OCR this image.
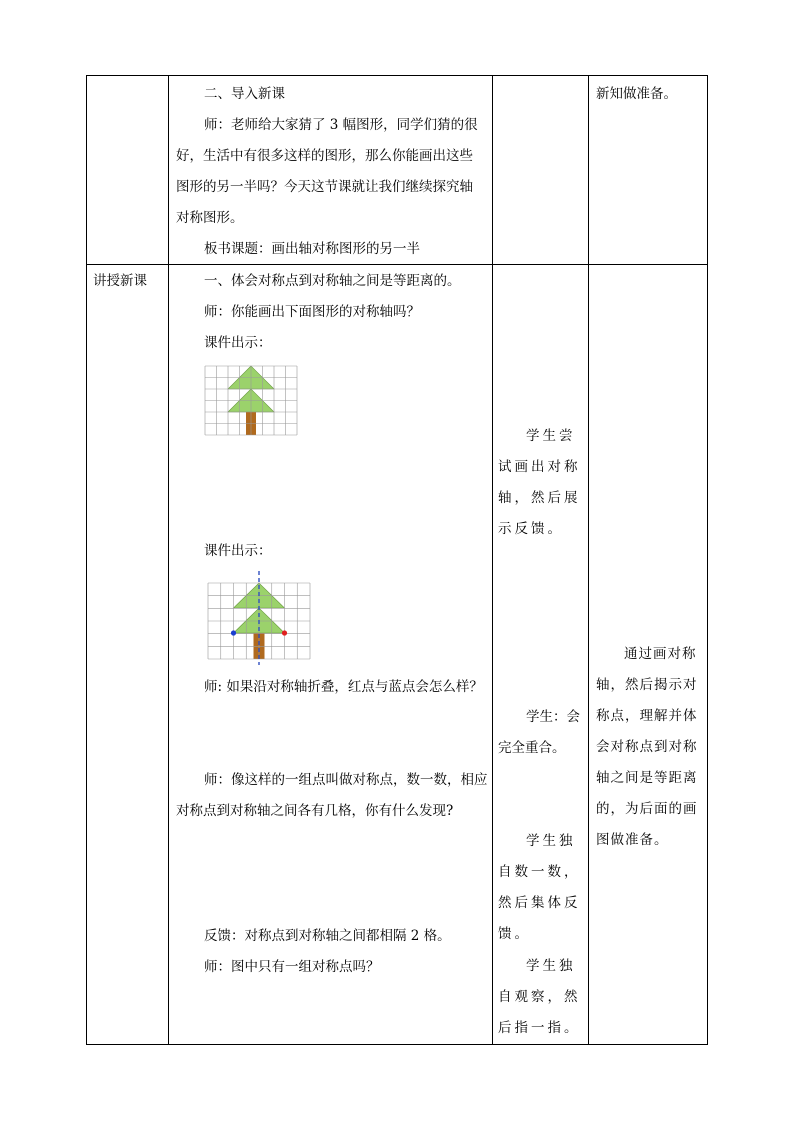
二、导入新课
师：老师给大家猜了 3 幅图形，同学们猜的很好，生活中有很多这样的图形，那么你能画出这些图形的另一半吗？今天这节课就让我们继续探究轴对称图形。
板书课题：画出轴对称图形的另一半
新知做准备。
讲授新课	一、体会对称点到对称轴之间是等距离的。
师：你能画出下面图形的对称轴吗？
课件出示：
课件出示：
师: 如果沿对称轴折叠，红点与蓝点会怎么样？
师：像这样的一组点叫做对称点，数一数，相应对称点到对称轴之间各有几格，你有什么发现?
反馈：对称点到对称轴之间都相隔 2 格。
师：图中只有一组对称点吗？
学生尝试画出对称轴，然后展示反馈。
学生：会完全重合。
学生独自数一数，然后集体反馈。
学生独自观察，然后指一指。
通过画对称轴，然后揭示对称点，理解并体会对称点到对称轴之间是等距离的，为后面的画图做准备。
